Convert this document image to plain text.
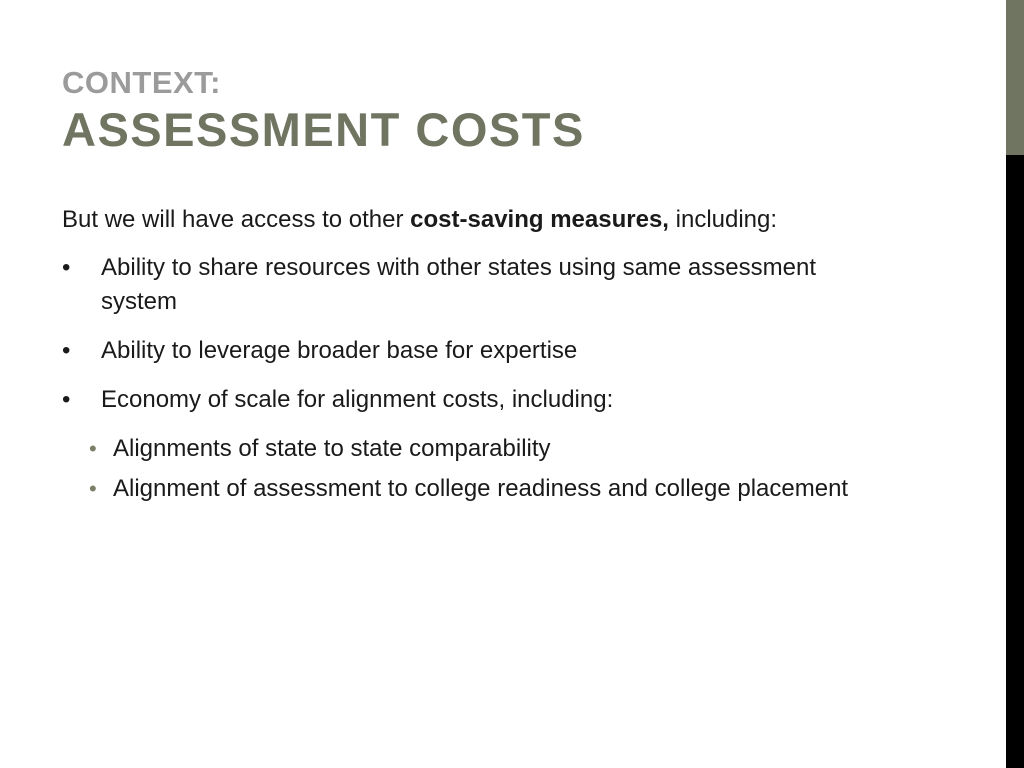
CONTEXT:
ASSESSMENT COSTS

But we will have access to other cost-saving measures, including:

• Ability to share resources with other states using same assessment system
• Ability to leverage broader base for expertise
• Economy of scale for alignment costs, including:
• Alignments of state to state comparability
• Alignment of assessment to college readiness and college placement
